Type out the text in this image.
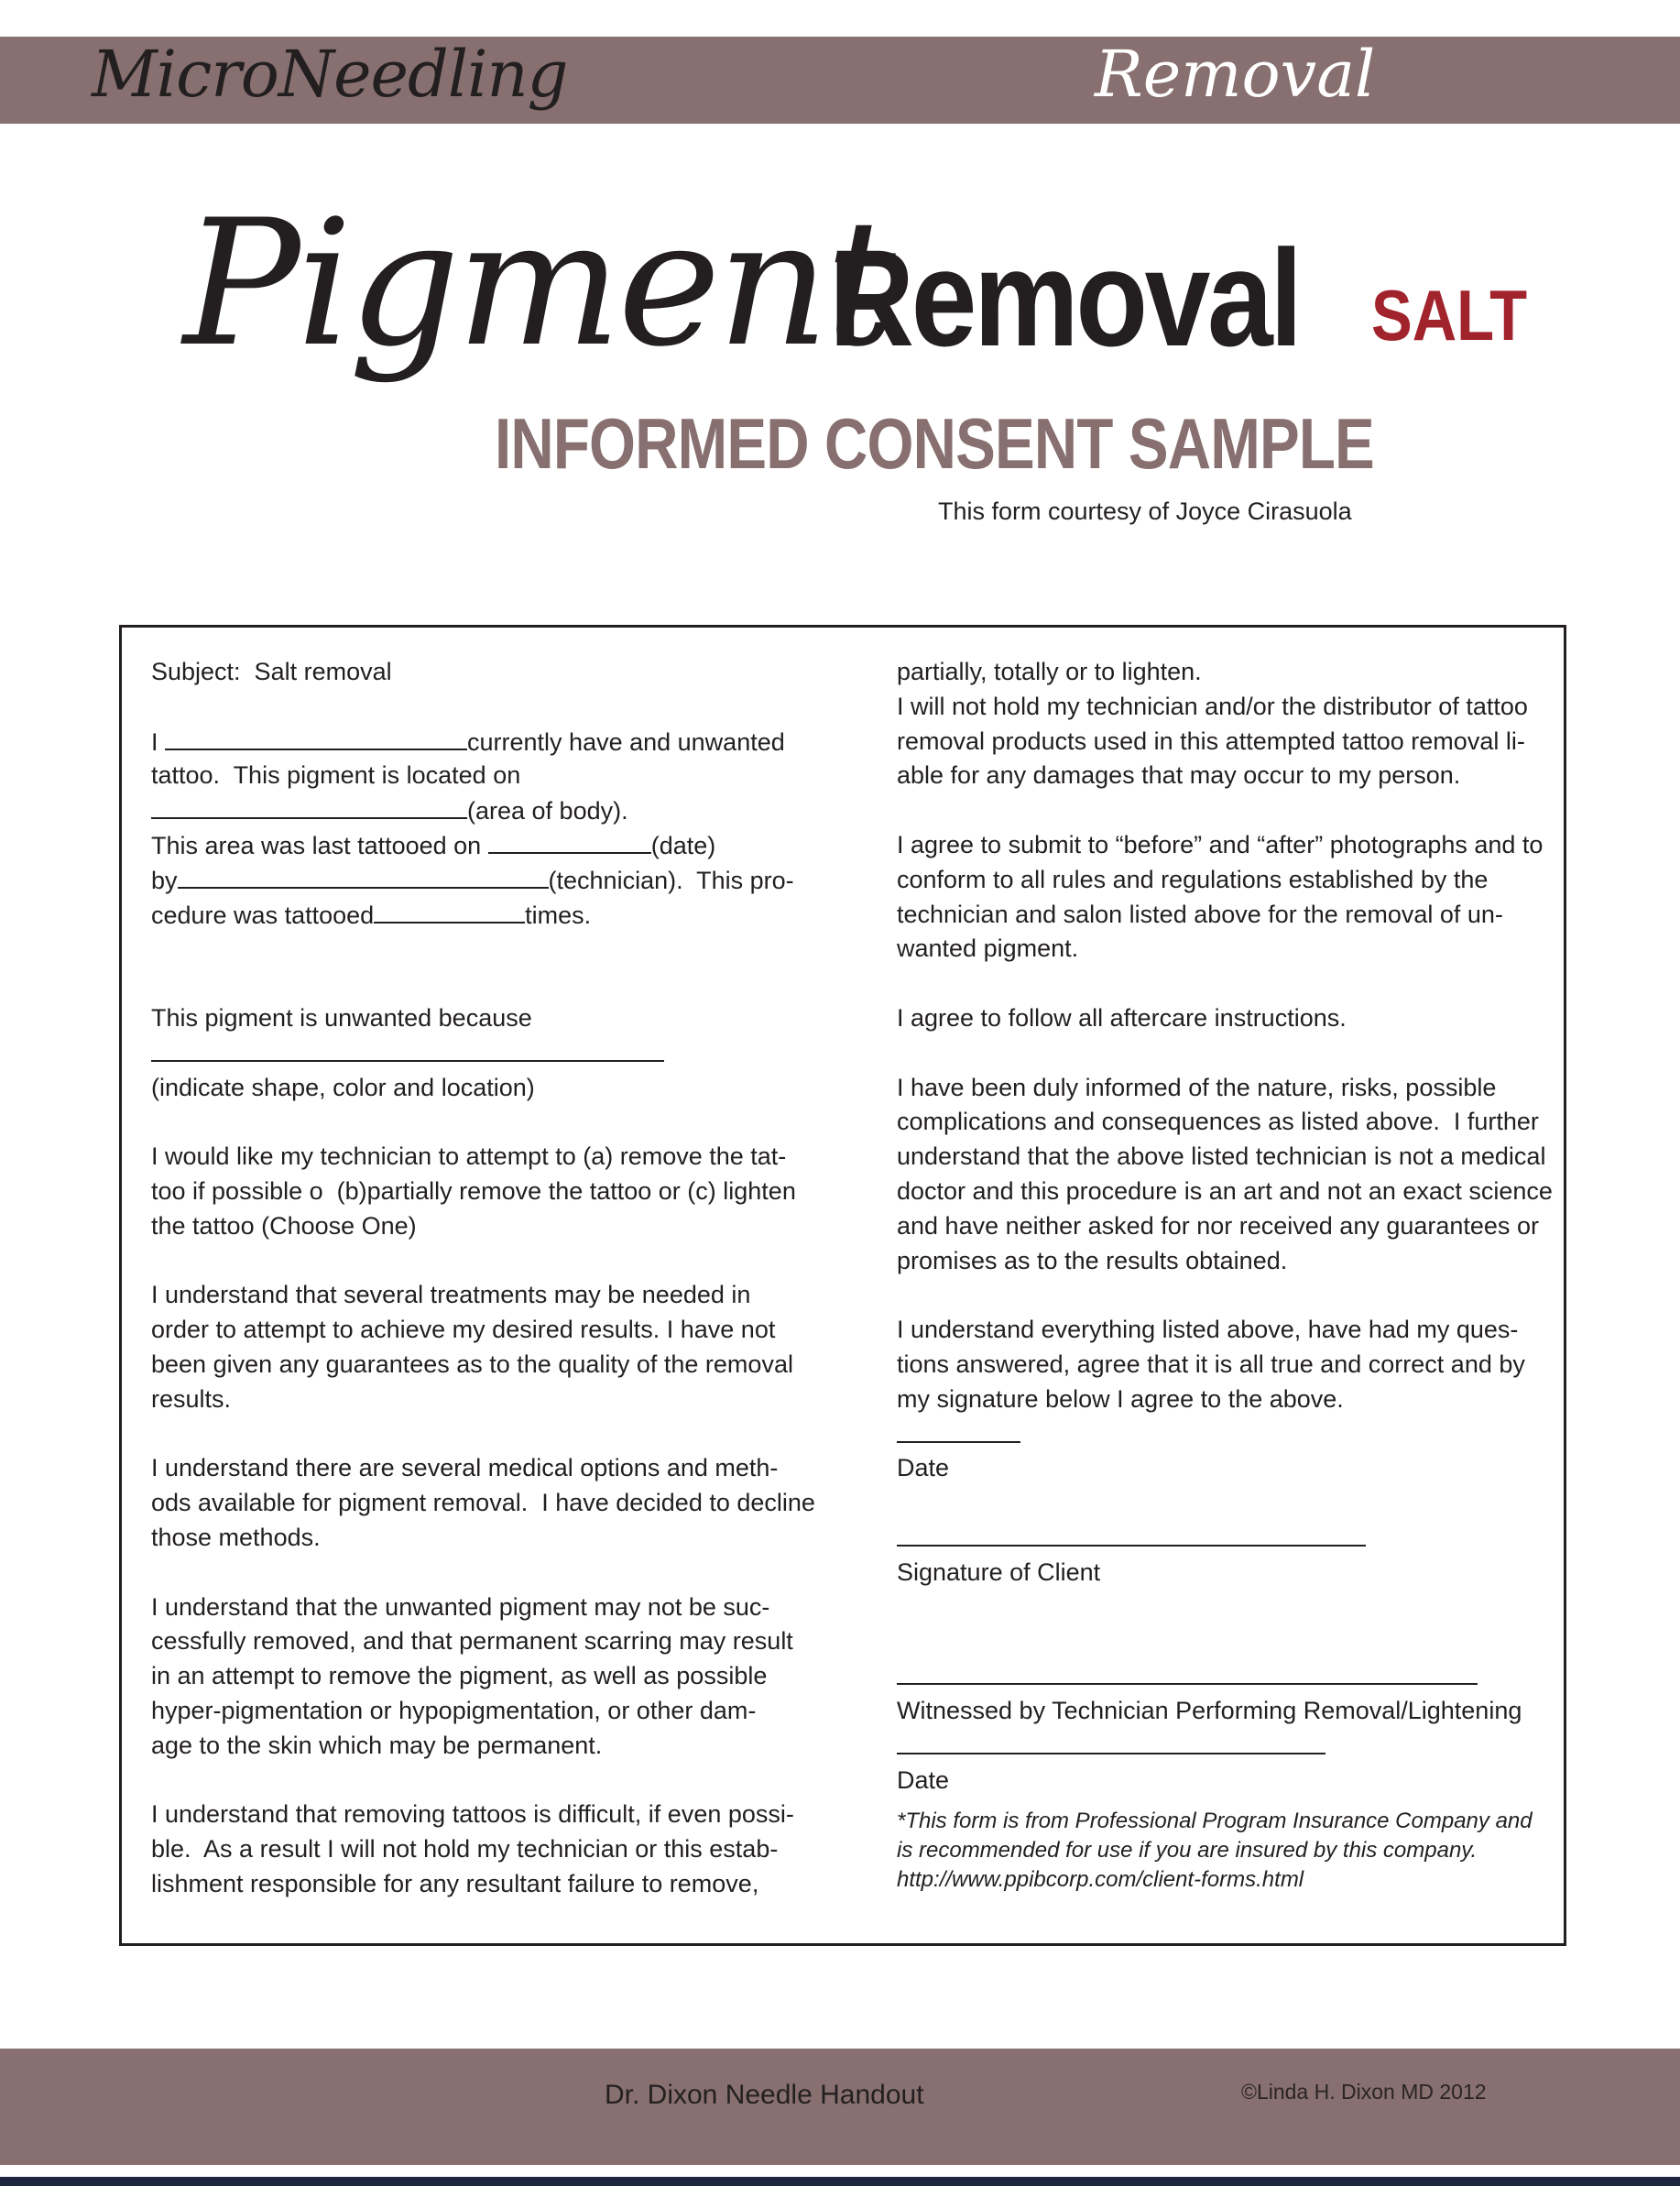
MicroNeedling	Removal
Pigment
Removal SALT
INFORMED CONSENT SAMPLE
This form courtesy of Joyce Cirasuola
Subject:  Salt removal
I	currently have and unwanted
tattoo.  This pigment is located on
(area of body).
This area was last tattooed on	(date)
by	(technician).  This pro-
cedure was tattooed	times.
This pigment is unwanted because
(indicate shape, color and location)
I would like my technician to attempt to (a) remove the tat-
too if possible o  (b)partially remove the tattoo or (c) lighten
the tattoo (Choose One)
I understand that several treatments may be needed in
order to attempt to achieve my desired results. I have not
been given any guarantees as to the quality of the removal
results.
I understand there are several medical options and meth-
ods available for pigment removal.  I have decided to decline
those methods.
I understand that the unwanted pigment may not be suc-
cessfully removed, and that permanent scarring may result
in an attempt to remove the pigment, as well as possible
hyper-pigmentation or hypopigmentation, or other dam-
age to the skin which may be permanent.
I understand that removing tattoos is difficult, if even possi-
ble.  As a result I will not hold my technician or this estab-
lishment responsible for any resultant failure to remove,
partially, totally or to lighten.
I will not hold my technician and/or the distributor of tattoo
removal products used in this attempted tattoo removal li-
able for any damages that may occur to my person.
I agree to submit to “before” and “after” photographs and to
conform to all rules and regulations established by the
technician and salon listed above for the removal of un-
wanted pigment.
I agree to follow all aftercare instructions.
I have been duly informed of the nature, risks, possible
complications and consequences as listed above.  I further
understand that the above listed technician is not a medical
doctor and this procedure is an art and not an exact science
and have neither asked for nor received any guarantees or
promises as to the results obtained.
I understand everything listed above, have had my ques-
tions answered, agree that it is all true and correct and by
my signature below I agree to the above.
Date
Signature of Client
Witnessed by Technician Performing Removal/Lightening
Date
*This form is from Professional Program Insurance Company and
is recommended for use if you are insured by this company.
http://www.ppibcorp.com/client-forms.html
Dr. Dixon Needle Handout	©Linda H. Dixon MD 2012
